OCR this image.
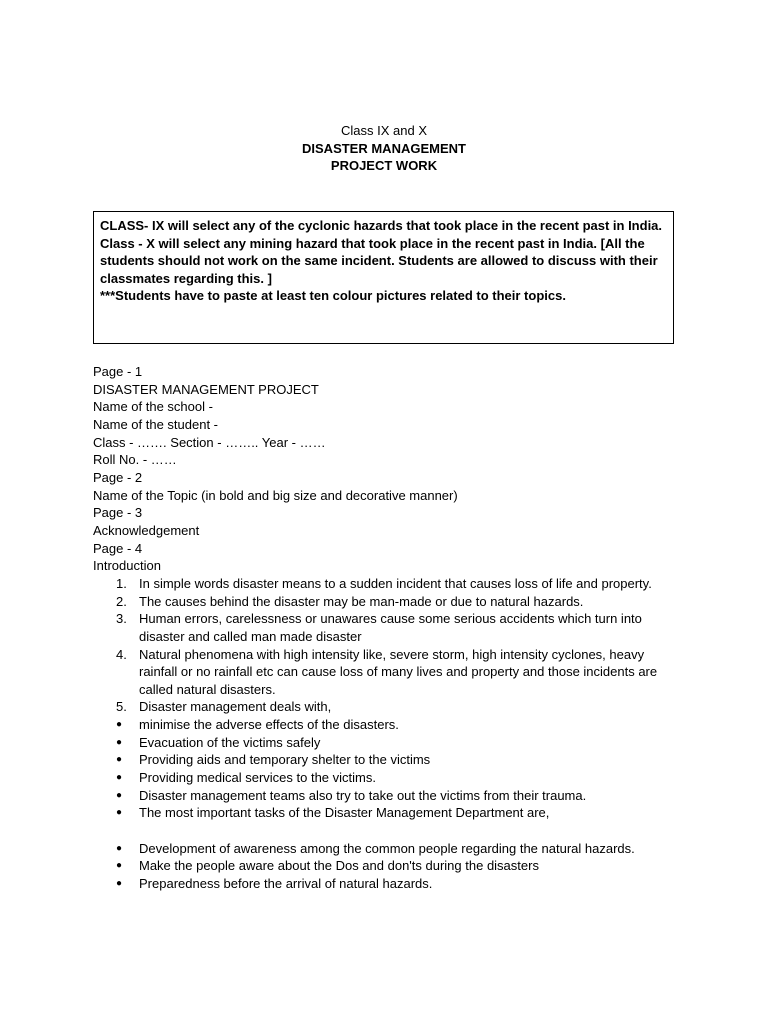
Class IX and X
DISASTER MANAGEMENT
PROJECT WORK

CLASS- IX will select any of the cyclonic hazards that took place in the recent past in India.

Class - X will select any mining hazard that took place in the recent past in India. [All the students should not work on the same incident. Students are allowed to discuss with their classmates regarding this. ]

***Students have to paste at least ten colour pictures related to their topics.

Page - 1
DISASTER MANAGEMENT PROJECT
Name of the school -
Name of the student -
Class - ……. Section - …….. Year - ……
Roll No. - ……
Page - 2
Name of the Topic (in bold and big size and decorative manner)
Page - 3
Acknowledgement
Page - 4
Introduction
1. In simple words disaster means to a sudden incident that causes loss of life and property.
2. The causes behind the disaster may be man-made or due to natural hazards.
3. Human errors, carelessness or unawares cause some serious accidents which turn into disaster and called man made disaster
4. Natural phenomena with high intensity like, severe storm, high intensity cyclones, heavy rainfall or no rainfall etc can cause loss of many lives and property and those incidents are called natural disasters.
5. Disaster management deals with,
● minimise the adverse effects of the disasters.
● Evacuation of the victims safely
● Providing aids and temporary shelter to the victims
● Providing medical services to the victims.
● Disaster management teams also try to take out the victims from their trauma.
● The most important tasks of the Disaster Management Department are,
● Development of awareness among the common people regarding the natural hazards.
● Make the people aware about the Dos and don'ts during the disasters
● Preparedness before the arrival of natural hazards.
